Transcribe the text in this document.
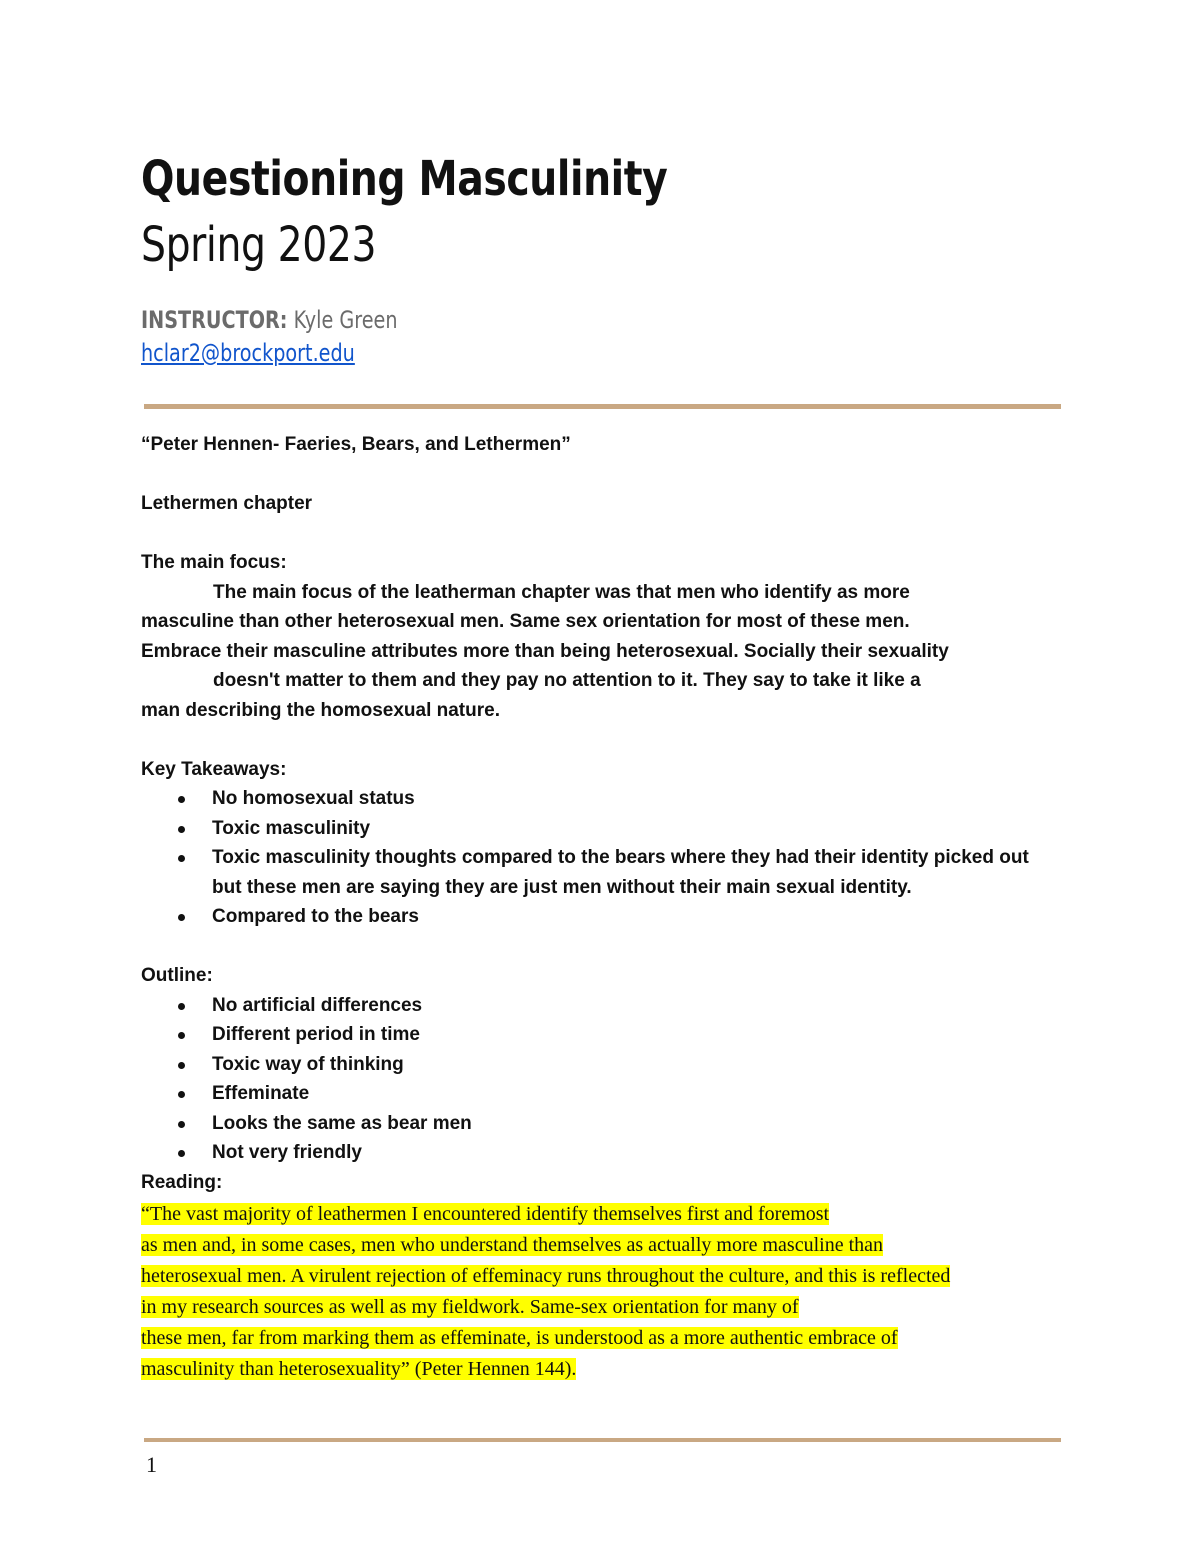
Questioning Masculinity
Spring 2023
INSTRUCTOR: Kyle Green
hclar2@brockport.edu

“Peter Hennen- Faeries, Bears, and Lethermen”

Lethermen chapter

The main focus:

The main focus of the leatherman chapter was that men who identify as more

masculine than other heterosexual men. Same sex orientation for most of these men.

Embrace their masculine attributes more than being heterosexual. Socially their sexuality

doesn't matter to them and they pay no attention to it. They say to take it like a

man describing the homosexual nature.

Key Takeaways:

No homosexual status
Toxic masculinity
Toxic masculinity thoughts compared to the bears where they had their identity picked out but these men are saying they are just men without their main sexual identity.
Compared to the bears

Outline:

No artificial differences
Different period in time
Toxic way of thinking
Effeminate
Looks the same as bear men
Not very friendly

Reading:

“The vast majority of leathermen I encountered identify themselves first and foremost
as men and, in some cases, men who understand themselves as actually more masculine than
heterosexual men. A virulent rejection of effeminacy runs throughout the culture, and this is reflected
in my research sources as well as my fieldwork. Same-sex orientation for many of
these men, far from marking them as effeminate, is understood as a more authentic embrace of
masculinity than heterosexuality” (Peter Hennen 144).
1
